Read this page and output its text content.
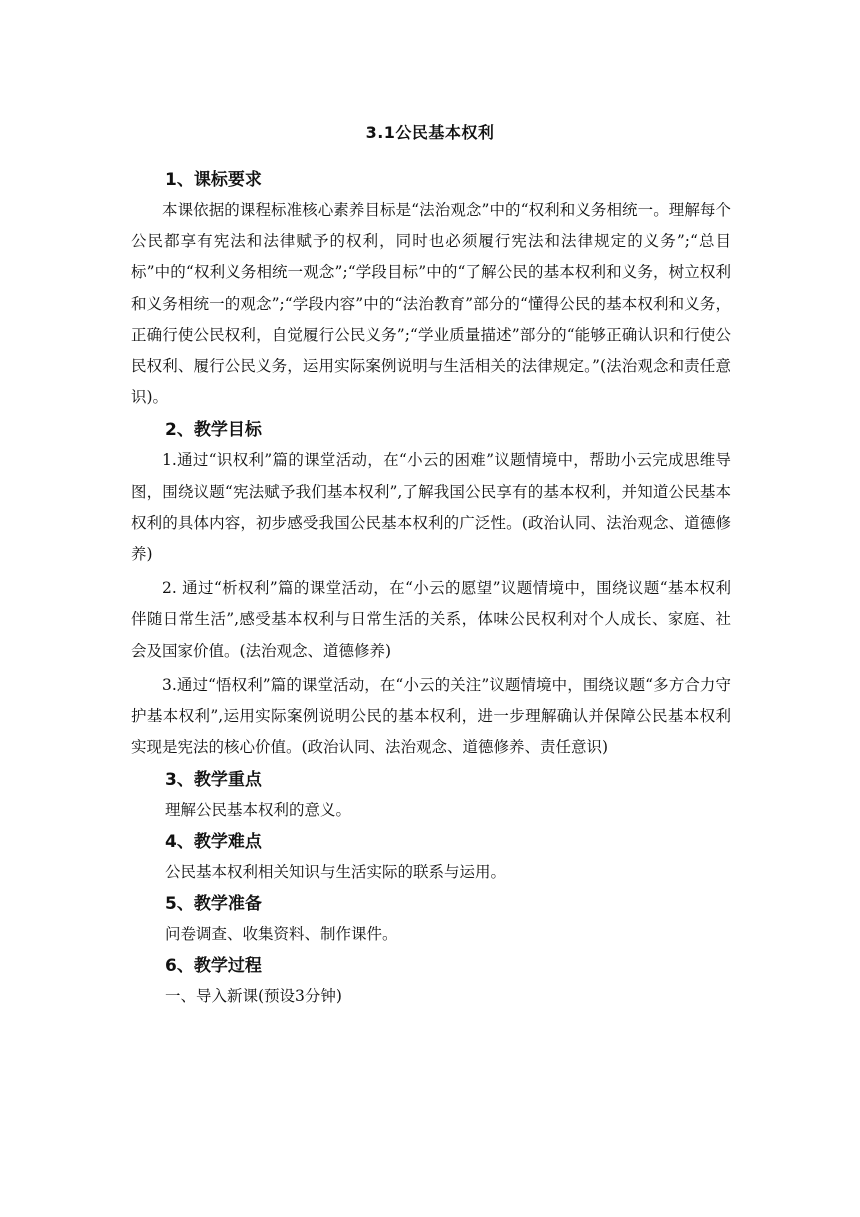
3.1公民基本权利
1、课标要求

本课依据的课程标准核心素养目标是“法治观念”中的“权利和义务相统一。理解每个公民都享有宪法和法律赋予的权利，同时也必须履行宪法和法律规定的义务”;“总目标”中的“权利义务相统一观念”;“学段目标”中的“了解公民的基本权利和义务，树立权利和义务相统一的观念”;“学段内容”中的“法治教育”部分的“懂得公民的基本权利和义务，正确行使公民权利，自觉履行公民义务”;“学业质量描述”部分的“能够正确认识和行使公民权利、履行公民义务，运用实际案例说明与生活相关的法律规定。”(法治观念和责任意识)。

2、教学目标

1.通过“识权利”篇的课堂活动，在“小云的困难”议题情境中，帮助小云完成思维导图，围绕议题“宪法赋予我们基本权利”,了解我国公民享有的基本权利，并知道公民基本权利的具体内容，初步感受我国公民基本权利的广泛性。(政治认同、法治观念、道德修养)

2. 通过“析权利”篇的课堂活动，在“小云的愿望”议题情境中，围绕议题“基本权利伴随日常生活”,感受基本权利与日常生活的关系，体味公民权利对个人成长、家庭、社会及国家价值。(法治观念、道德修养)

3.通过“悟权利”篇的课堂活动，在“小云的关注”议题情境中，围绕议题“多方合力守护基本权利”,运用实际案例说明公民的基本权利，进一步理解确认并保障公民基本权利实现是宪法的核心价值。(政治认同、法治观念、道德修养、责任意识)

3、教学重点
理解公民基本权利的意义。
4、教学难点
公民基本权利相关知识与生活实际的联系与运用。
5、教学准备
问卷调查、收集资料、制作课件。
6、教学过程
一、导入新课(预设3分钟)
